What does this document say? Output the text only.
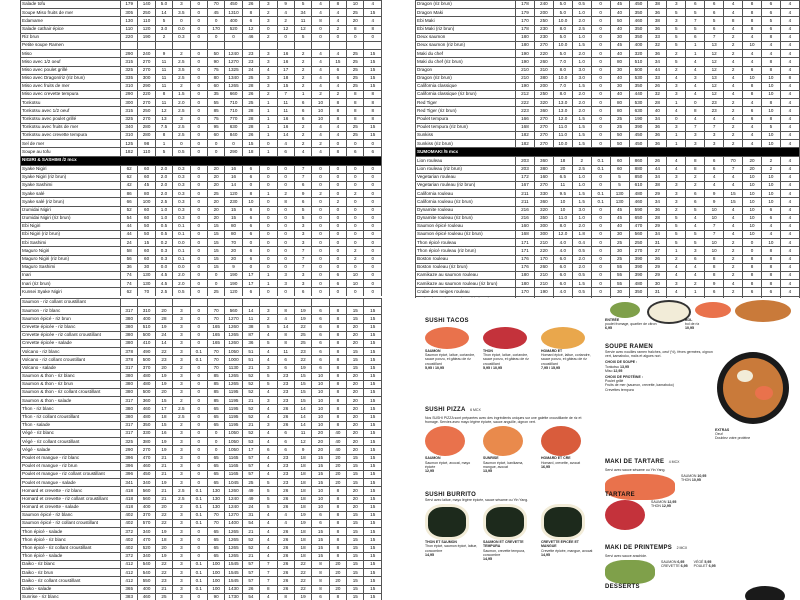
Salade tofu	179	140	5.0	3	0	70	450	26	3	9	5	4	8	10	4
Soupe Miso fruits de mer	305	250	14	3.5	0	45	1310	8	2	4	34	4	4	25	15
Edamame	130	110	5	0	0	0	400	6	3	2	11	8	4	20	4
Salade cathair épice	110	120	3.0	0.0	0	170	520	12	0	12	12	0	2	8	8
Riz brun	220	190	2	0.3	0	0	0	46	2	0	5	0	0	0	0
Petite soupe Ramen															
Miso	290	240	9	2	0	50	1240	23	3	16	2	4	4	25	15
Miso avec 1/2 oeuf	315	270	11	2.5	0	90	1270	23	3	16	2	4	15	25	15
Miso avec poulet grillé	325	270	11	3.5	0	75	1325	24	4	17	2	4	6	25	15
Miso avec Dragon/riz (riz brun)	335	300	11	2.5	0	80	1340	25	3	18	2	4	6	25	15
Miso avec fruits de mer	310	290	11	2	0	60	1265	28	3	15	2	4	4	25	15
Miso avec crevette tempura	290	220	8	1.5	0	35	660	26	2	7	1	2	2	8	8
Tonkotsu	300	270	11	2.0	0	55	710	25	1	11	6	10	8	8	8
Tonkotsu avec 1/2 oeuf	315	250	12	2.5	0	85	710	28	1	11	6	10	8	8	8
Tonkotsu avec poulet grillé	325	270	13	3	0	75	770	28	1	16	6	10	8	8	8
Tonkotsu avec fruits de mer	340	280	7.5	2.5	0	95	630	28	1	16	2	4	4	25	15
Tonkotsu avec crevette tempura	310	280	8	2.5	0	60	840	26	1	14	2	4	4	25	15
Sel de mer	125	98	1	0	0	0	0	15	0	4	2	2	0	0	0
Soupe au tofu	182	110	5	0.5	0	0	290	18	1	6	4	4	8	6	6
NIGIRI & SASHIMI /2 mcx															
Syake Nigiri	62	60	2.0	0.3	0	20	16	6	0	0	7	0	0	0	0
Syake Nigiri (riz brun)	62	60	2.0	0.3	0	20	16	6	0	0	7	0	0	0	0
Syake Sashimi	42	45	2.0	0.3	0	20	14	0	0	0	6	0	0	0	0
Syake salé	86	80	2.0	0.3	0	25	120	8	1	2	9	2	0	2	0
Syake salé (riz brun)	66	100	2.5	0.3	0	20	230	10	0	8	6	0	2	0	0
Izumidai Nigiri	52	60	1.0	0.3	0	20	15	6	0	0	5	0	0	0	0
Izumidai Nigiri (riz brun)	54	60	1.0	0.3	0	20	15	6	0	0	5	0	0	0	0
Ebi Nigiri	44	50	0.5	0.1	0	15	80	6	0	0	3	0	0	0	0
Ebi Nigiri (riz brun)	44	50	0.5	0.1	0	15	80	6	0	0	3	0	0	0	0
Ebi Sashimi	24	15	0.2	0.0	0	15	70	0	0	0	3	0	0	0	0
Maguro Nigiri	58	60	0.3	0.1	0	15	20	6	0	0	7	0	0	2	0
Maguro Nigiri (riz brun)	56	60	0.3	0.1	0	15	20	6	0	0	7	0	0	2	0
Maguro Sashimi	36	30	0.0	0.0	0	15	9	0	0	0	7	0	0	0	0
Inari	74	130	4.5	2.0	0	0	190	17	1	3	3	0	6	10	0
Inari (riz brun)	74	130	4.5	2.0	0	0	190	17	1	3	3	0	6	10	0
Kunsei Syake Nigiri	62	70	2.5	0.5	0	25	120	6	0	0	6	0	0	0	0

Dragon (riz brun)	178	240	5.0	0.5	0	45	450	38	3	6	6	4	8	6	4
Dragon Maki	179	200	5.0	1.0	0	40	350	36	5	5	6	4	8	6	4
Ebi Maki	170	250	10.0	2.0	0	50	460	38	3	7	5	8	8	5	4
Ebi Maki (riz brun)	178	230	8.0	2.5	0	40	350	36	5	5	6	4	8	6	4
Deux saumon	180	230	5.0	1.0	0	30	350	33	5	6	7	2	4	8	4
Deux saumon (riz brun)	180	270	10.0	1.5	0	45	400	32	5	1	13	2	10	4	4
Maki du chef	190	220	5.0	2.0	0	40	320	36	2	1	12	2	4	4	4
Maki du chef (riz brun)	190	260	7.0	1.0	0	80	510	34	5	4	12	4	4	8	4
Dragon	210	310	8.0	3.0	0	30	500	44	2	4	12	2	6	8	4
Dragon (riz brun)	210	380	10.0	3.0	0	40	530	33	4	3	13	4	10	10	8
California classique	190	200	7.0	1.5	0	30	350	26	3	4	12	4	8	10	4
California classique (riz brun)	212	250	8.0	2.0	0	40	440	32	3	4	12	4	8	10	4
Red Tiger	222	320	13.0	2.0	0	80	530	28	1	0	23	2	4	8	4
Red Tiger (riz brun)	223	360	13.0	2.0	0	80	630	40	4	8	23	2	6	10	4
Poulet tempura	166	270	12.0	1.5	0	25	190	34	0	4	4	4	6	8	4
Poulet tempura (riz brun)	168	270	11.0	1.5	0	25	390	36	3	7	7	2	4	5	4
Sunkiss	182	270	11.0	1.5	0	50	450	36	1	3	3	2	4	10	4
Sunkiss (riz brun)	182	270	10.0	1.5	0	50	450	36	1	3	3	2	4	10	4
SUMOMAKI /5 mcx															
Lion rouleau	203	360	18	2	0.1	60	860	26	4	8	6	70	20	2	4
Lion rouleau (riz brun)	203	380	20	2.5	0.1	60	880	44	4	8	6	7	20	2	4
Vegetarian rouleau	172	160	6.5	1.0	0	5	850	34	3	2	4	4	10	10	4
Vegetarian rouleau (riz brun)	167	270	11	1.0	0	5	610	38	3	2	4	4	10	10	4
California rouleau	211	330	9.5	1.5	0.1	130	480	29	3	6	9	15	10	10	4
California rouleau (riz brun)	211	360	10	1.5	0.1	130	460	34	3	6	9	15	10	10	4
Dynamite rouleau	216	320	10	3.0	0	45	590	36	2	5	10	4	10	6	4
Dynamite rouleau (riz brun)	216	350	11.0	1.0	0	45	650	28	5	4	10	4	10	6	4
Saumon épicé rouleau	160	300	8.0	2.0	0	40	470	29	5	4	7	4	10	4	4
Saumon épicé rouleau (riz brun)	168	300	12.0	1.8	0	30	560	34	5	5	7	4	10	4	4
Thon épicé rouleau	171	210	4.0	0.4	0	25	250	31	5	5	10	2	0	10	4
Thon épicé rouleau (riz brun)	171	220	4.0	0.5	0	30	270	27	1	3	10	2	0	8	4
Boston rouleau	176	170	6.0	2.0	0	25	390	26	2	6	8	2	8	8	4
Boston rouleau (riz brun)	176	260	6.0	2.0	0	55	390	29	4	4	8	2	8	8	4
Kamikaze au saumon rouleau	180	210	6.0	0.5	0	55	390	29	4	4	8	2	8	8	4
Kamikaze au saumon rouleau (riz brun)	180	210	6.0	1.5	0	55	480	30	3	2	9	4	8	8	4
Crabe des neiges rouleau	170	190	4.0	0.5	0	30	350	31	4	1	6	2	6	6	4

Saumon - riz collant croustillant															
Saumon - riz blanc	317	310	20	3	0	70	560	14	3	8	19	6	8	15	15
Saumon épicé - riz brun	380	400	28	3	0	70	1270	11	2	4	19	6	8	15	15
Crevette épicée - riz blanc	380	510	19	3	0	165	1260	38	5	14	22	6	8	20	15
Crevette épicée - riz collant croustillant	380	500	24	3	0	165	1265	87	4	8	25	6	8	20	15
Crevette épicée - salade	380	410	14	3	0	165	1260	36	5	8	25	6	8	20	15
Volcano - riz blanc	378	490	22	3	0.1	70	1050	51	4	11	23	6	8	15	15
Volcano - riz collant croustillant	378	500	23	3	0.1	70	1000	51	4	6	22	6	8	15	15
Volcano - salade	317	370	20	2	0	70	1130	21	3	6	19	6	8	15	15
Saumon & thon - riz blanc	380	480	19	3	0	85	1265	52	5	23	15	10	8	20	15
Saumon & thon - riz brun	380	480	19	3	0	85	1265	52	5	23	15	10	8	20	15
Saumon & thon - riz collant croustillant	380	500	20	3	0	85	1195	52	4	23	15	10	8	20	15
Saumon & thon - salade	317	360	15	2	0	85	1195	21	3	23	15	10	8	20	15
Thon - riz blanc	380	460	17	2.5	0	65	1195	52	4	26	14	10	8	20	15
Thon - riz collant croustillant	380	480	18	2.5	0	65	1195	52	4	26	14	10	8	20	15
Thon - salade	317	350	15	2	0	65	1195	21	3	26	14	10	8	20	15
Végé - riz blanc	317	330	16	3	0	0	1050	52	4	6	11	20	40	20	15
Végé - riz collant croustillant	325	380	19	3	0	0	1050	53	4	6	12	20	40	20	15
Végé - salade	290	270	19	3	0	0	1050	17	6	6	9	20	40	20	15
Poulet et mangue - riz blanc	396	470	21	3	0	65	1165	57	4	23	18	15	20	15	15
Poulet et mangue - riz brun	396	460	21	3	0	65	1165	57	4	23	18	15	20	15	15
Poulet et mangue - riz collant croustillant	396	450	21	3	0	65	1165	57	4	23	18	15	20	15	15
Poulet et mangue - salade	341	340	19	3	0	65	1045	25	5	23	18	15	20	15	15
Homard et crevette - riz blanc	418	560	21	2.5	0.1	130	1260	49	5	26	18	10	8	20	15
Homard et crevette - riz collant croustillant	418	560	21	2.5	0.1	130	1240	49	5	26	18	10	8	20	15
Homard et crevette - salade	418	400	20	2	0.1	130	1240	24	5	26	18	10	8	20	15
Saumon épicé - riz blanc	402	370	22	3	0.1	70	1270	31	4	4	19	6	8	15	15
Saumon épicé - riz collant croustillant	402	570	22	3	0.1	70	1400	54	4	4	19	6	8	15	15
Thon épicé - salade	372	340	19	3	0	65	1265	21	4	26	18	15	8	15	15
Thon épicé - riz blanc	402	470	18	3	0	65	1265	52	4	26	18	15	8	15	15
Thon épicé - riz collant croustillant	402	520	20	3	0	65	1265	52	4	26	18	15	8	15	15
Thon épicé - salade	372	340	19	3	0	65	1265	21	4	26	18	15	8	15	15
Daiko - riz blanc	412	540	22	3	0.1	100	1545	57	7	26	22	8	20	15	15
Daiko - riz brun	412	540	22	3	0.1	100	1545	57	7	26	22	8	20	15	15
Daiko - riz collant croustillant	412	550	23	3	0.1	100	1545	57	7	26	22	8	20	15	15
Daiko - salade	365	400	21	3	0.1	100	1430	26	8	26	22	8	20	15	15
Sunrise - riz blanc	383	460	25	3	0	90	1730	54	4	8	19	6	8	15	15

ENTRÉE
poulet fromage, quartier de citron
6,95
BOL
bol de riz
10,95
SUSHI TACOS
SAUMON
Saumon épicé, laitue, coriandre, sauce ponzu, et gâteau de riz croustillant
5,95 / 10,95
THON
Thon épicé, laitue, coriandre, sauce ponzu, et gâteau de riz croustillant
5,95 / 10,95
HOMARD ET
Homard épicé, laitue, coriandre, sauce ponzu, et gâteau de riz croustillant
7,95 / 15,95
SUSHI PIZZA 6 MCX
Nos SUSHI PIZZA sont préparées avec des ingrédients uniques sur une galette croustillante de riz et fromage. Servies avec mayo légère épicée, sauce anguille, oignon vert.
SAUMON
Saumon épicé, avocat, mayo épicée
12,95
SUNRISE
Saumon épicé, kanikama, mangue, avocat
13,95
HOMARD ET CRE
Homard, crevette, avocat
16,95
SUSHI BURRITO
Servi avec laitue, mayo légère épicée, sauce sésame ou Yin Yang.
THON ET SAUMON
Thon épicé, saumon épicé, laitue, concombre
14,95
SAUMON ET CREVETTE TEMPURA
Saumon, crevette tempura, concombre
14,95
CREVETTE ÉPICÉE ET MANGUE
Crevette épicée, mangue, avocat
14,95
SOUPE RAMEN
Servie avec nouilles ramen fraîches, oeuf (½), fèves germées, oignon vert, kamaboko, maïs et algues nori.
CHOIX DE SOUPE :
Tonkotsu 13,95
Miso 12,95
CHOIX DE PROTÉINE :
Poulet grillé
Fruits de mer (saumon, crevette, kamaboko)
Crevettes tempura
EXTRAS
Oeuf
Doublez votre protéine
MAKI DE TARTARE 4 MCX
Servi avec sauce sésame ou Yin Yang.
SAUMON 10,95
THON 10,95
TARTARE
SAUMON 12,95
THON 12,95
MAKI DE PRINTEMPS 2 MCX
Servi avec sauce arachide.
SAUMON 6,95
CREVETTE 6,95
VÉGÉ 5,95
POULET 6,95
DESSERTS
